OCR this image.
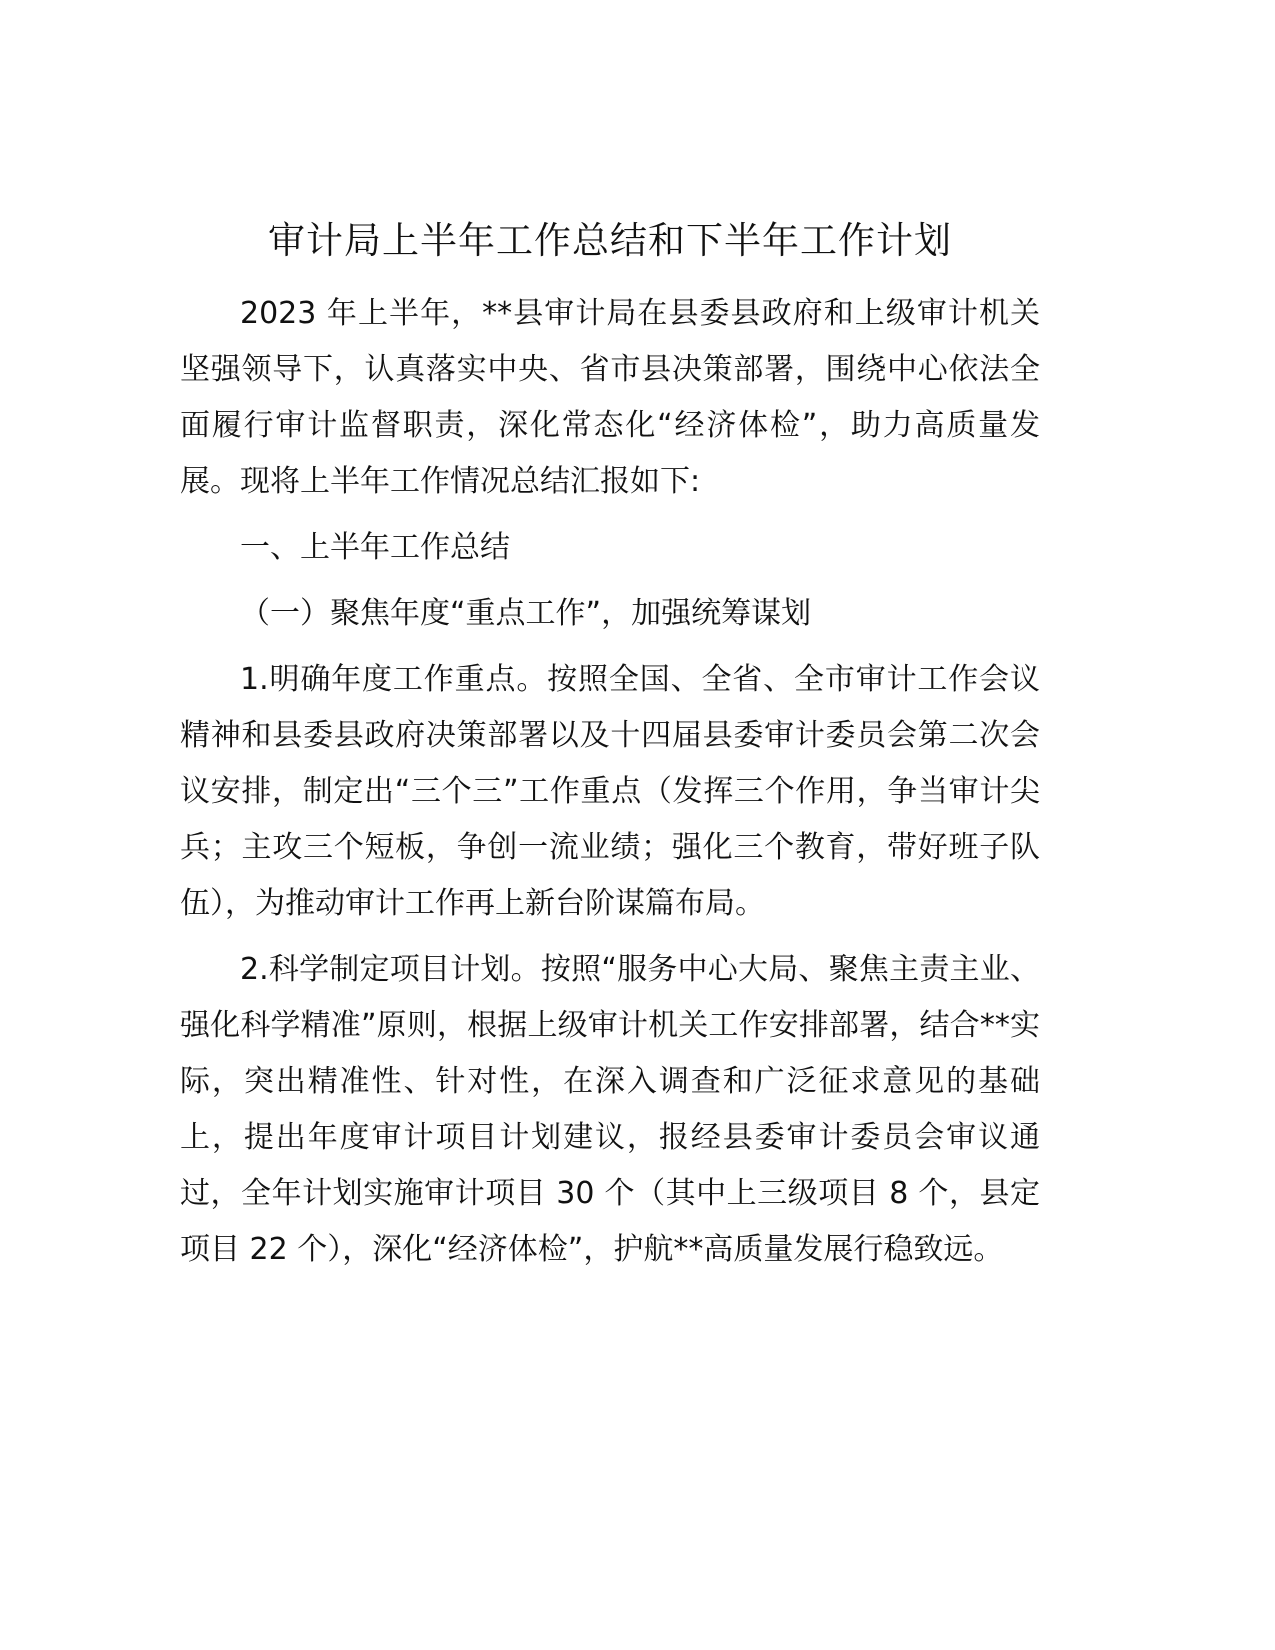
审计局上半年工作总结和下半年工作计划

2023 年上半年，**县审计局在县委县政府和上级审计机关坚强领导下，认真落实中央、省市县决策部署，围绕中心依法全面履行审计监督职责，深化常态化“经济体检”，助力高质量发展。现将上半年工作情况总结汇报如下:

一、上半年工作总结

（一）聚焦年度“重点工作”，加强统筹谋划

1.明确年度工作重点。按照全国、全省、全市审计工作会议精神和县委县政府决策部署以及十四届县委审计委员会第二次会议安排，制定出“三个三”工作重点（发挥三个作用，争当审计尖兵；主攻三个短板，争创一流业绩；强化三个教育，带好班子队伍），为推动审计工作再上新台阶谋篇布局。

2.科学制定项目计划。按照“服务中心大局、聚焦主责主业、强化科学精准”原则，根据上级审计机关工作安排部署，结合**实际，突出精准性、针对性，在深入调查和广泛征求意见的基础上，提出年度审计项目计划建议，报经县委审计委员会审议通过，全年计划实施审计项目 30 个（其中上三级项目 8 个，县定项目 22 个），深化“经济体检”，护航**高质量发展行稳致远。
